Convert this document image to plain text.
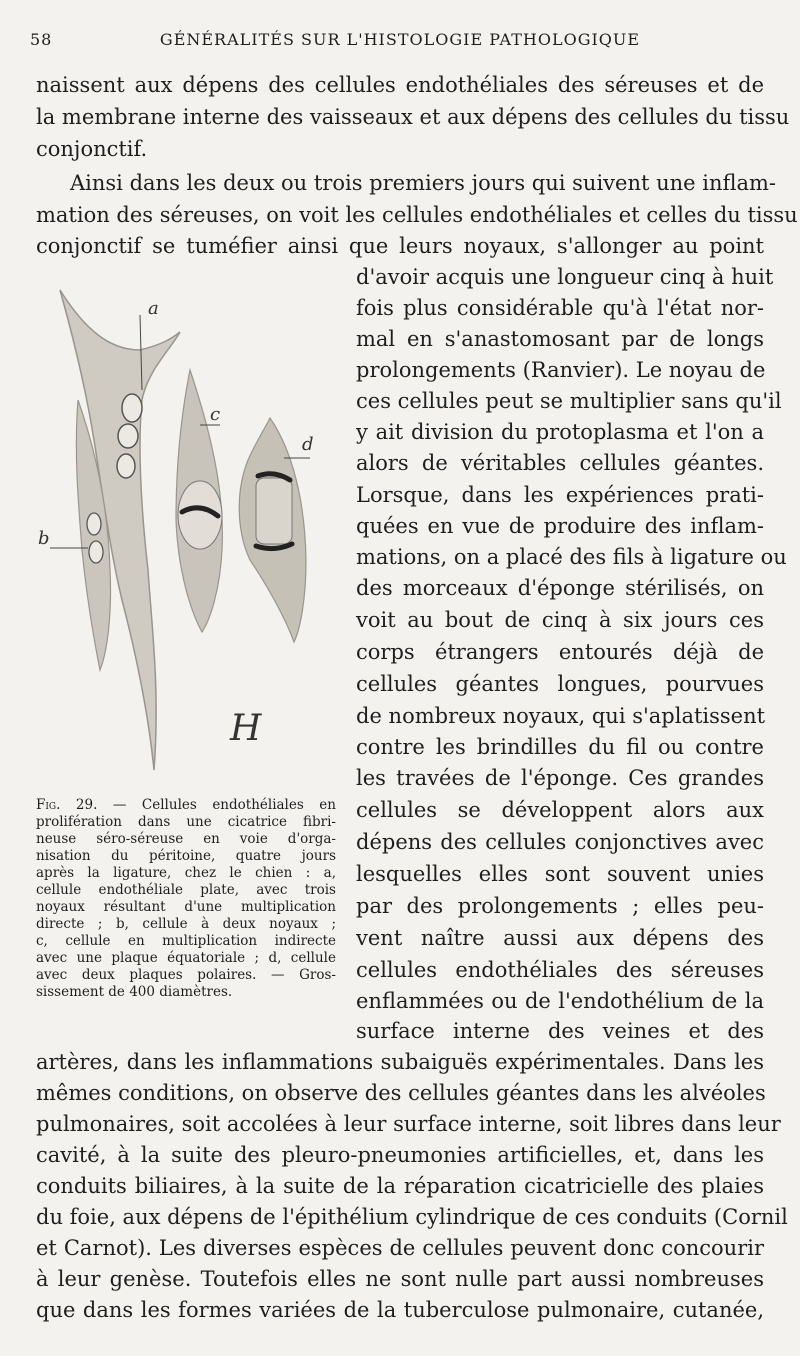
58	GÉNÉRALITÉS SUR L'HISTOLOGIE PATHOLOGIQUE
naissent aux dépens des cellules endothéliales des séreuses et de
la membrane interne des vaisseaux et aux dépens des cellules du tissu
conjonctif.
Ainsi dans les deux ou trois premiers jours qui suivent une inflam-
mation des séreuses, on voit les cellules endothéliales et celles du tissu
conjonctif se tuméfier ainsi que leurs noyaux, s'allonger au point
d'avoir acquis une longueur cinq à huit
fois plus considérable qu'à l'état nor-
mal en s'anastomosant par de longs
prolongements (Ranvier). Le noyau de
ces cellules peut se multiplier sans qu'il
y ait division du protoplasma et l'on a
alors de véritables cellules géantes.
Lorsque, dans les expériences prati-
quées en vue de produire des inflam-
mations, on a placé des fils à ligature ou
des morceaux d'éponge stérilisés, on
voit au bout de cinq à six jours ces
corps étrangers entourés déjà de
cellules géantes longues, pourvues
de nombreux noyaux, qui s'aplatissent
contre les brindilles du fil ou contre
les travées de l'éponge. Ces grandes
cellules se développent alors aux
dépens des cellules conjonctives avec
lesquelles elles sont souvent unies
par des prolongements ; elles peu-
vent naître aussi aux dépens des
cellules endothéliales des séreuses
enflammées ou de l'endothélium de la
surface interne des veines et des
a
b
c
d
H
Fig. 29. — Cellules endothéliales en
prolifération dans une cicatrice fibri-
neuse séro-séreuse en voie d'orga-
nisation du péritoine, quatre jours
après la ligature, chez le chien : a,
cellule endothéliale plate, avec trois
noyaux résultant d'une multiplication
directe ; b, cellule à deux noyaux ;
c, cellule en multiplication indirecte
avec une plaque équatoriale ; d, cellule
avec deux plaques polaires. — Gros-
sissement de 400 diamètres.
artères, dans les inflammations subaiguës expérimentales. Dans les
mêmes conditions, on observe des cellules géantes dans les alvéoles
pulmonaires, soit accolées à leur surface interne, soit libres dans leur
cavité, à la suite des pleuro-pneumonies artificielles, et, dans les
conduits biliaires, à la suite de la réparation cicatricielle des plaies
du foie, aux dépens de l'épithélium cylindrique de ces conduits (Cornil
et Carnot). Les diverses espèces de cellules peuvent donc concourir
à leur genèse. Toutefois elles ne sont nulle part aussi nombreuses
que dans les formes variées de la tuberculose pulmonaire, cutanée,
